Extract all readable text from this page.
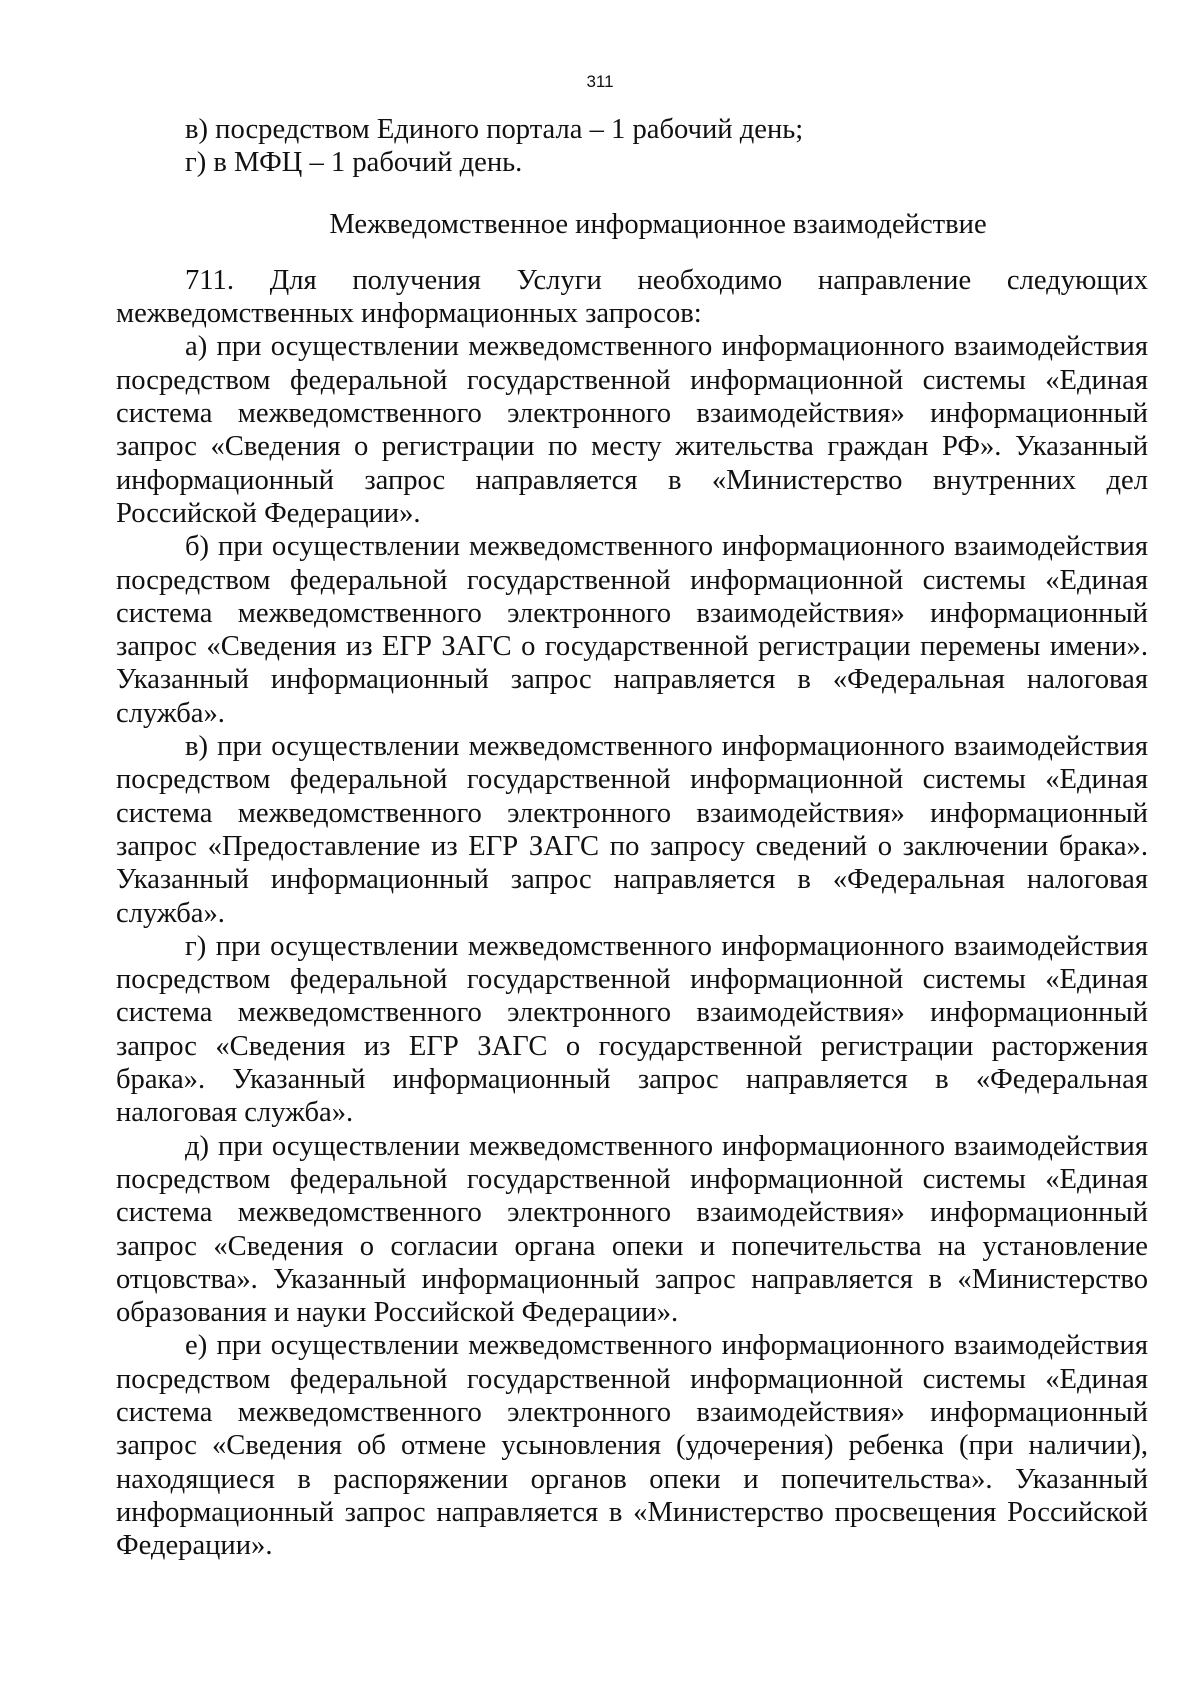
311

в) посредством Единого портала – 1 рабочий день;

г) в МФЦ – 1 рабочий день.

Межведомственное информационное взаимодействие

711. Для получения Услуги необходимо направление следующих межведомственных информационных запросов:

а) при осуществлении межведомственного информационного взаимодействия посредством федеральной государственной информационной системы «Единая система межведомственного электронного взаимодействия» информационный запрос «Сведения о регистрации по месту жительства граждан РФ». Указанный информационный запрос направляется в «Министерство внутренних дел Российской Федерации».

б) при осуществлении межведомственного информационного взаимодействия посредством федеральной государственной информационной системы «Единая система межведомственного электронного взаимодействия» информационный запрос «Сведения из ЕГР ЗАГС о государственной регистрации перемены имени». Указанный информационный запрос направляется в «Федеральная налоговая служба».

в) при осуществлении межведомственного информационного взаимодействия посредством федеральной государственной информационной системы «Единая система межведомственного электронного взаимодействия» информационный запрос «Предоставление из ЕГР ЗАГС по запросу сведений о заключении брака». Указанный информационный запрос направляется в «Федеральная налоговая служба».

г) при осуществлении межведомственного информационного взаимодействия посредством федеральной государственной информационной системы «Единая система межведомственного электронного взаимодействия» информационный запрос «Сведения из ЕГР ЗАГС о государственной регистрации расторжения брака». Указанный информационный запрос направляется в «Федеральная налоговая служба».

д) при осуществлении межведомственного информационного взаимодействия посредством федеральной государственной информационной системы «Единая система межведомственного электронного взаимодействия» информационный запрос «Сведения о согласии органа опеки и попечительства на установление отцовства». Указанный информационный запрос направляется в «Министерство образования и науки Российской Федерации».

е) при осуществлении межведомственного информационного взаимодействия посредством федеральной государственной информационной системы «Единая система межведомственного электронного взаимодействия» информационный запрос «Сведения об отмене усыновления (удочерения) ребенка (при наличии), находящиеся в распоряжении органов опеки и попечительства». Указанный информационный запрос направляется в «Министерство просвещения Российской Федерации».
